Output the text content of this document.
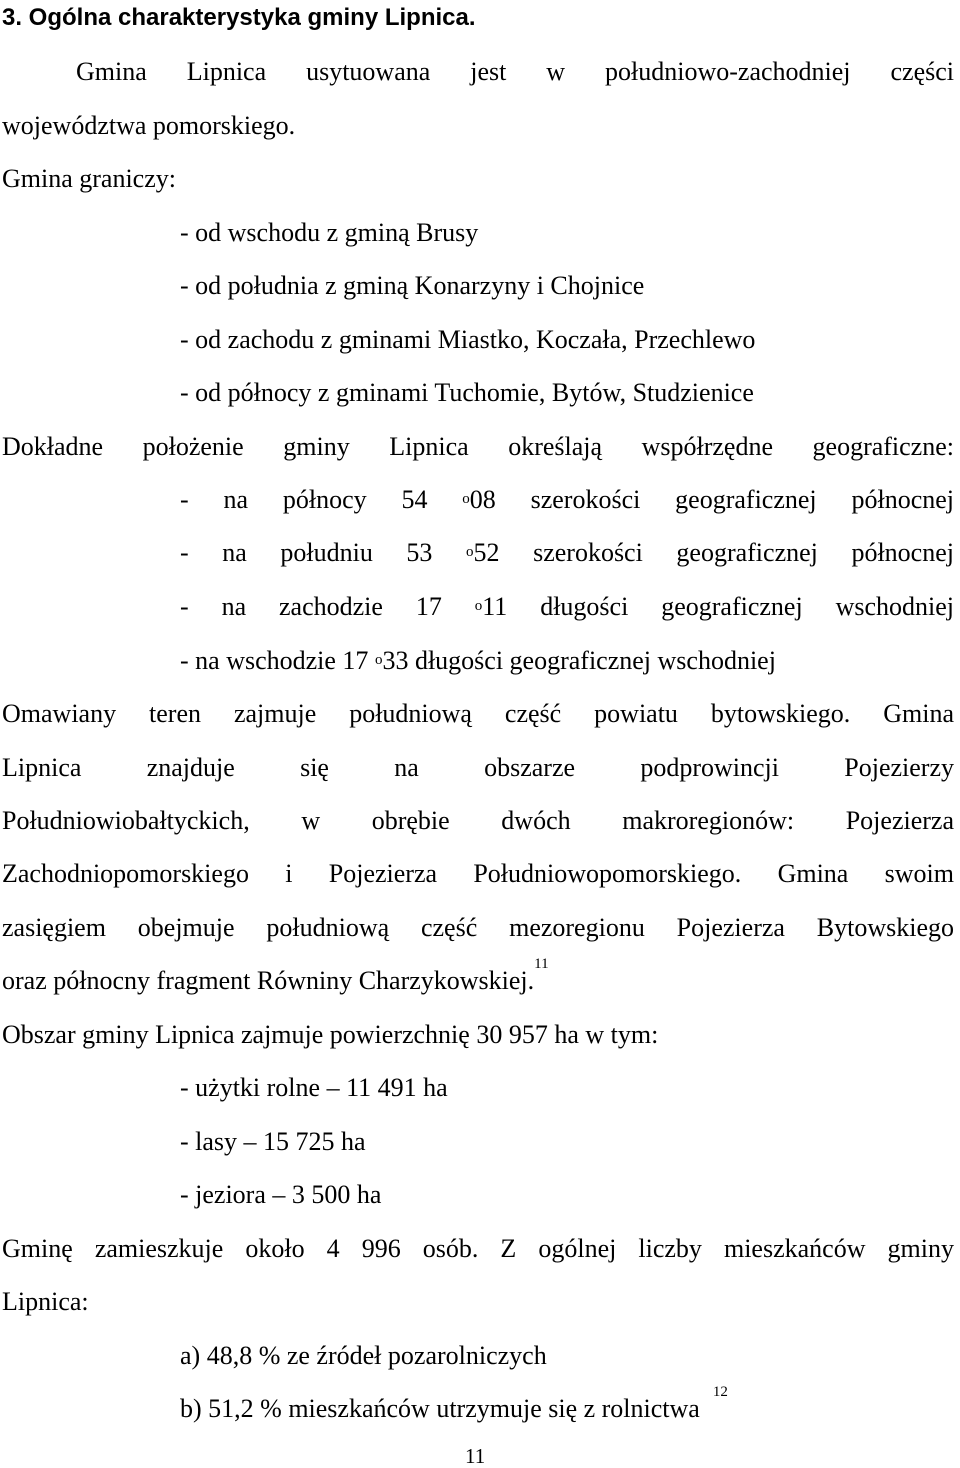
3. Ogólna charakterystyka gminy Lipnica.
Gmina Lipnica usytuowana jest w południowo-zachodniej części
województwa pomorskiego.
Gmina graniczy:
- od wschodu z gminą Brusy
- od południa z gminą Konarzyny i Chojnice
- od zachodu z gminami Miastko, Koczała, Przechlewo
- od północy z gminami Tuchomie, Bytów, Studzienice
Dokładne położenie gminy Lipnica określają współrzędne geograficzne:
- na północy 54 $^o$08 szerokości geograficznej północnej
- na południu 53 $^o$52 szerokości geograficznej północnej
- na zachodzie 17 $^o$11 długości geograficznej wschodniej
- na wschodzie 17 $^o$33 długości geograficznej wschodniej
Omawiany teren zajmuje południową część powiatu bytowskiego. Gmina
Lipnica znajduje się na obszarze podprowincji Pojezierzy
Południowiobałtyckich, w obrębie dwóch makroregionów: Pojezierza
Zachodniopomorskiego i Pojezierza Południowopomorskiego. Gmina swoim
zasięgiem obejmuje południową część mezoregionu Pojezierza Bytowskiego
oraz północny fragment Równiny Charzykowskiej.$^{11}$
Obszar gminy Lipnica zajmuje powierzchnię 30 957 ha w tym:
- użytki rolne – 11 491 ha
- lasy – 15 725 ha
- jeziora – 3 500 ha
Gminę zamieszkuje około 4 996 osób. Z ogólnej liczby mieszkańców gminy
Lipnica:
a) 48,8 % ze źródeł pozarolniczych
b) 51,2 % mieszkańców utrzymuje się z rolnictwa  $^{12}$
11
